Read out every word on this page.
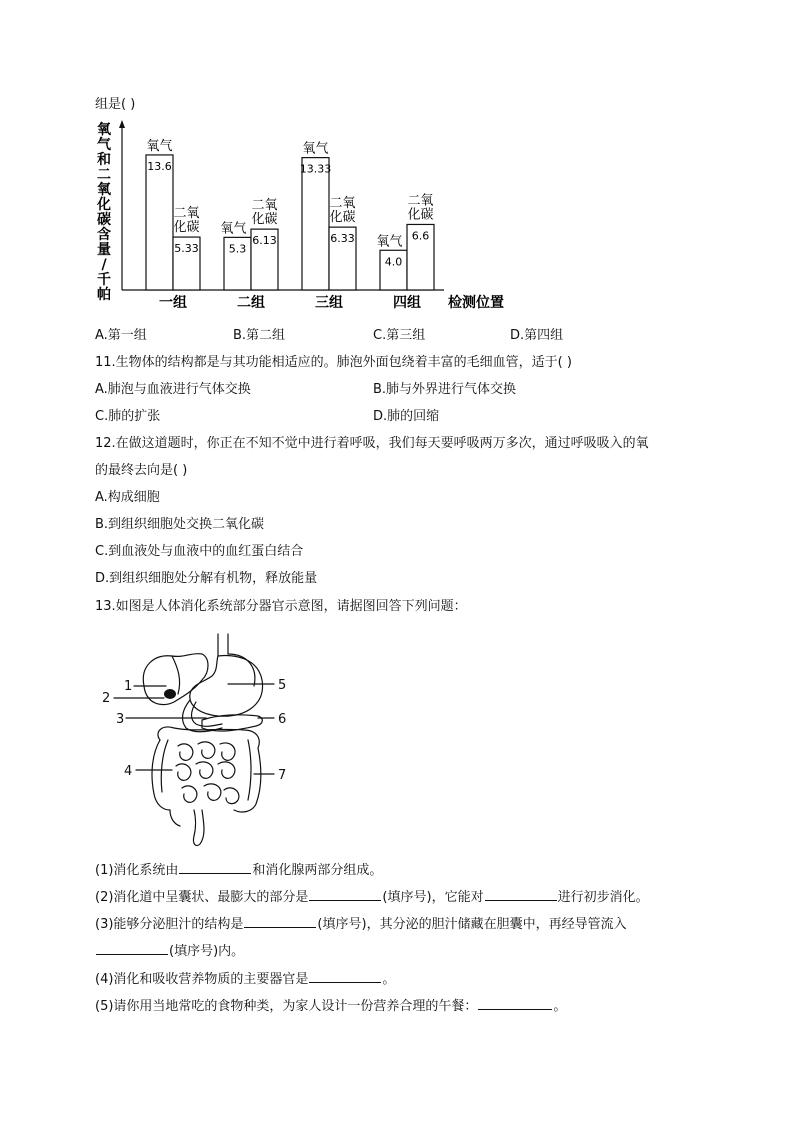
组是( )
氧气和二氧化碳含量/千帕
13.6
氧气
5.33
二氧化碳
一组
5.3
氧气
6.13
二氧化碳
二组
13.33
氧气
6.33
二氧化碳
三组
4.0
氧气 6.6
二氧化碳
四组 检测位置
A.第一组	B.第二组	C.第三组	D.第四组
11.生物体的结构都是与其功能相适应的。肺泡外面包绕着丰富的毛细血管，适于( )
A.肺泡与血液进行气体交换	B.肺与外界进行气体交换
C.肺的扩张	D.肺的回缩
12.在做这道题时，你正在不知不觉中进行着呼吸，我们每天要呼吸两万多次，通过呼吸吸入的氧
的最终去向是( )
A.构成细胞
B.到组织细胞处交换二氧化碳
C.到血液处与血液中的血红蛋白结合
D.到组织细胞处分解有机物，释放能量
13.如图是人体消化系统部分器官示意图，请据图回答下列问题：
1
2
3
4
5
6
7
(1)消化系统由	和消化腺两部分组成。
(2)消化道中呈囊状、最膨大的部分是	(填序号)，它能对	进行初步消化。
(3)能够分泌胆汁的结构是	(填序号)，其分泌的胆汁储藏在胆囊中，再经导管流入
(填序号)内。
(4)消化和吸收营养物质的主要器官是	。
(5)请你用当地常吃的食物种类，为家人设计一份营养合理的午餐：	。
